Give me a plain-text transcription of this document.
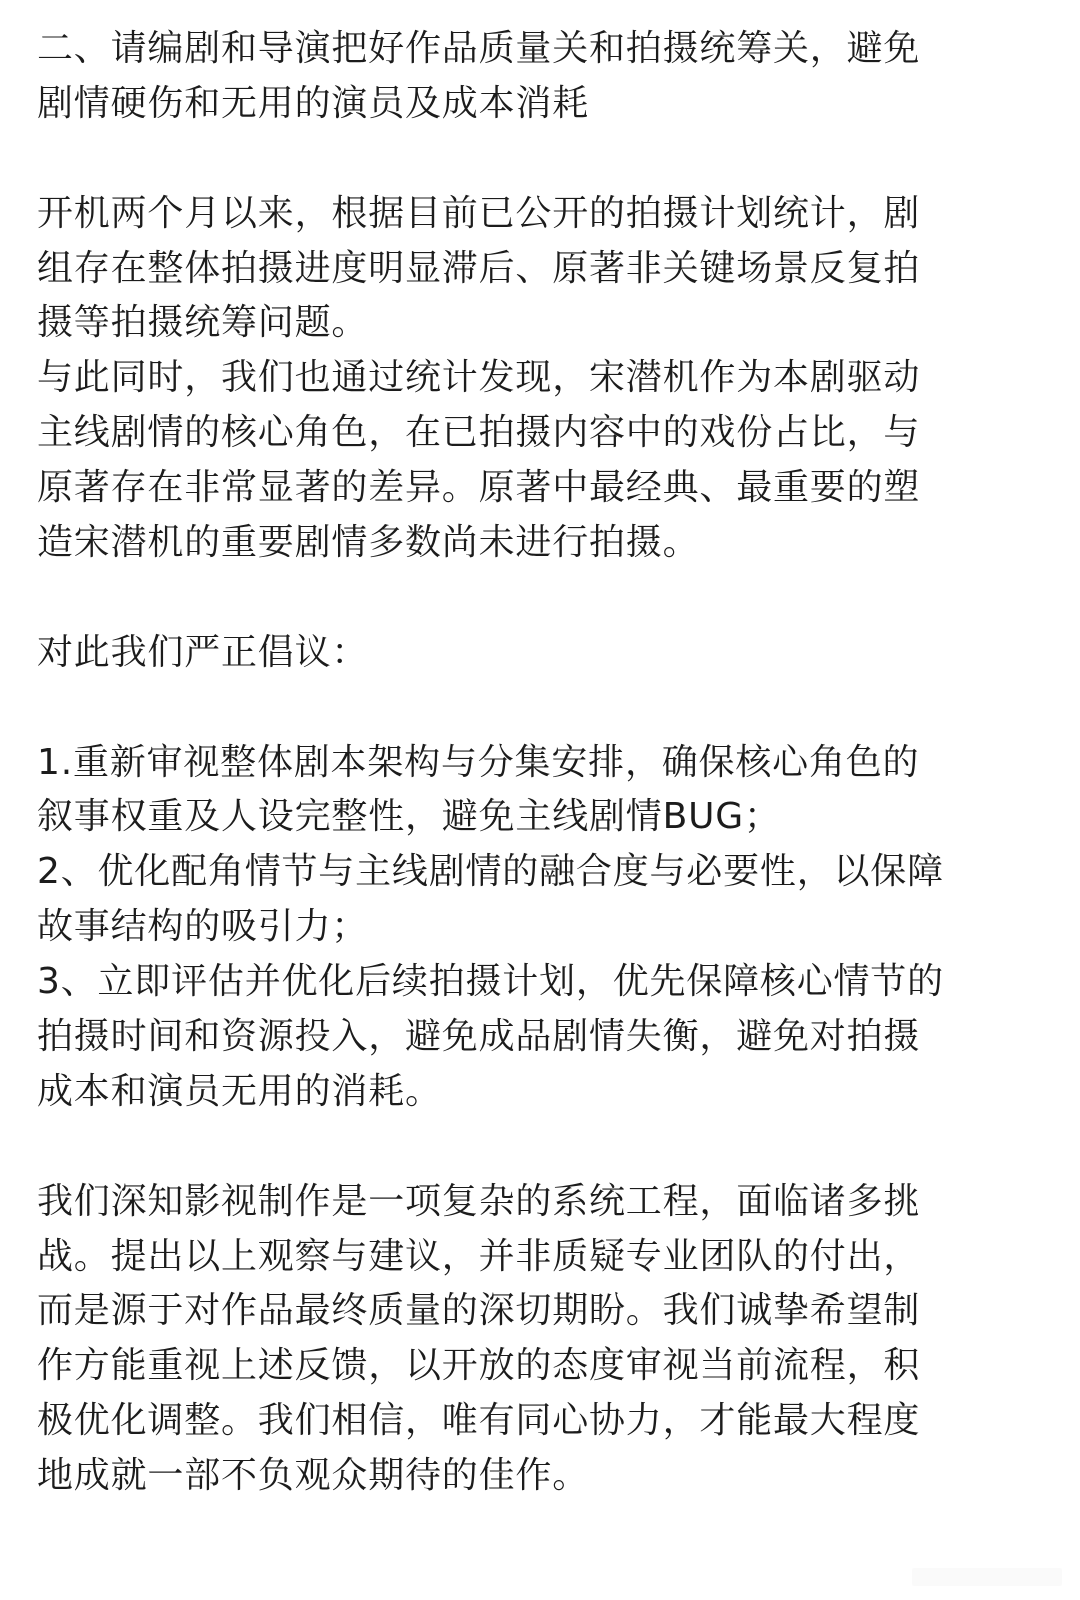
二、请编剧和导演把好作品质量关和拍摄统筹关，避免
剧情硬伤和无用的演员及成本消耗
开机两个月以来，根据目前已公开的拍摄计划统计，剧
组存在整体拍摄进度明显滞后、原著非关键场景反复拍
摄等拍摄统筹问题。
与此同时，我们也通过统计发现，宋潜机作为本剧驱动
主线剧情的核心角色，在已拍摄内容中的戏份占比，与
原著存在非常显著的差异。原著中最经典、最重要的塑
造宋潜机的重要剧情多数尚未进行拍摄。
对此我们严正倡议：
1.重新审视整体剧本架构与分集安排，确保核心角色的
叙事权重及人设完整性，避免主线剧情BUG；
2、优化配角情节与主线剧情的融合度与必要性，以保障
故事结构的吸引力；
3、立即评估并优化后续拍摄计划，优先保障核心情节的
拍摄时间和资源投入，避免成品剧情失衡，避免对拍摄
成本和演员无用的消耗。
我们深知影视制作是一项复杂的系统工程，面临诸多挑
战。提出以上观察与建议，并非质疑专业团队的付出，
而是源于对作品最终质量的深切期盼。我们诚挚希望制
作方能重视上述反馈，以开放的态度审视当前流程，积
极优化调整。我们相信，唯有同心协力，才能最大程度
地成就一部不负观众期待的佳作。
